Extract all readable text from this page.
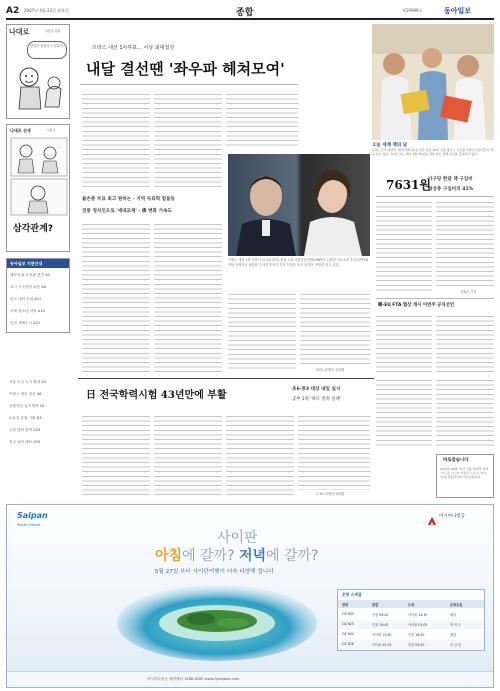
A2 2007년 4월 23일 월요일	종합	제19999호	동아일보
나대로	이홍우 만평
한달간 돌았더니 힘들어
나대로 선생	이홍우
삼각관계?
동아일보 지면안내
재보선 D-3 막판 혼전 A4
교사 시국선언 파문 A8
한국 대학 순위 A12
국제 청소년 과학 A16
인천 세계도시 A22
서울 도심 녹지 확대 A3
프랑스 대선 결선 A6
상장기업 실적 발표 B1
토요일 증권 시황 B3
주말 영화 관객 A24
전국 날씨 예보 A33
프랑스 대선 1차투표… 사상 최대접전
내달 결선땐 '좌우파 헤쳐모여'
불손층 부표 최고 원하는 - 지역 득표력 힘들동
전통 정치인으로 '세대교체' - 佛 변화 가속도
프랑스 대선 1차 투표가 실시된 22일 집권 우파 대중운동연합(UMP)의 니콜라 사르코지 후보(왼쪽)와 야당 사회당의 세골렌 루아얄 후보가 각각 투표를 마친 뒤 밝은 표정을 짓고 있다.
파리=송평인 특파원
오늘 세계 책의 날
유네스코가 지정한 '세계 책의 날'을 하루 앞둔 22일 서울 종로구 교보문고에서 어린이들이 책을 읽고 있다. 유네스코는 매년 4월 23일을 책의 날로 정해 독서를 장려하고 있다.
7631원
가구당 한달 책 구입비
최상층 구입비의 41%
김현수 기자
韓-EU FTA 협상 개시 이번주 공식선언
日 전국학력시험 43년만에 부활
초6·중3 대상 내일 실시
공부 1위 '따르 결정 실패'
도쿄=서영아 특파원
바로잡습니다
22일자 A9면 '한국 금융 대기업 전략' 기사 중 '○○○ 사장'은 '○○○ 부사장'의 잘못이기에 바로잡습니다.
Saipan
Pacific Resort
아시아나항공
사이판
아침에 갈까? 저녁에 갈까?
5월 27일 부터 사이판여행이 더욱 다양해 집니다
운항 스케줄
편명	출발	도착	운항요일
OZ 603	인천 09:20	사이판 14:30	매일
OZ 625	인천 19:45	사이판 01:05	화·목·토
OZ 604	사이판 15:30	인천 18:40	매일
OZ 626	사이판 02:15	인천 05:20	수·금·일
아시아나항공 예약센터 1588-8000 www.flyasiana.com
